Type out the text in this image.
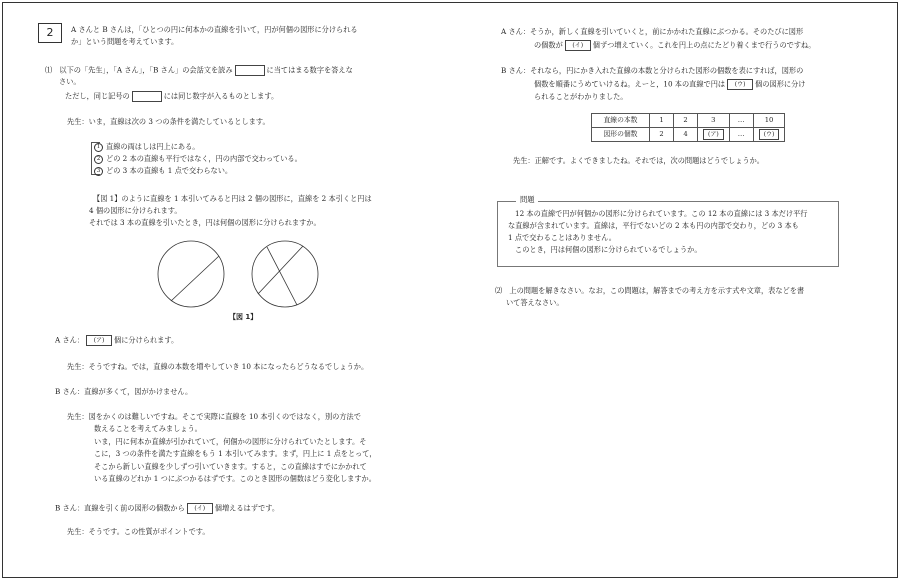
2	A さんと B さんは，「ひとつの円に何本かの直線を引いて，円が何個の図形に分けられる
か」という問題を考えています。
⑴　以下の「先生」，「A さん」，「B さん」の会話文を読み	に当てはまる数字を答えな
さい。
ただし，同じ記号の	には同じ数字が入るものとします。
先生：いま，直線は次の 3 つの条件を満たしているとします。
1 直線の両はしは円上にある。
2 どの 2 本の直線も平行ではなく，円の内部で交わっている。
3 どの 3 本の直線も 1 点で交わらない。
【図 1】のように直線を 1 本引いてみると円は 2 個の図形に，直線を 2 本引くと円は
4 個の図形に分けられます。
それでは 3 本の直線を引いたとき，円は何個の図形に分けられますか。
【図 1】
A さん： (ア) 個に分けられます。
先生：そうですね。では，直線の本数を増やしていき 10 本になったらどうなるでしょうか。
B さん：直線が多くて，図がかけません。
先生：図をかくのは難しいですね。そこで実際に直線を 10 本引くのではなく，別の方法で
数えることを考えてみましょう。
いま，円に何本か直線が引かれていて，何個かの図形に分けられていたとします。そ
こに，3 つの条件を満たす直線をもう 1 本引いてみます。まず，円上に 1 点をとって，
そこから新しい直線を少しずつ引いていきます。すると，この直線はすでにかかれて
いる直線のどれか 1 つにぶつかるはずです。このとき図形の個数はどう変化しますか。
B さん：直線を引く前の図形の個数から (イ) 個増えるはずです。
先生：そうです。この性質がポイントです。
A さん：そうか，新しく直線を引いていくと，前にかかれた直線にぶつかる。そのたびに図形
の個数が (イ) 個ずつ増えていく。これを円上の点にたどり着くまで行うのですね。
B さん：それなら，円にかき入れた直線の本数と分けられた図形の個数を表にすれば，図形の
個数を順番にうめていけるね。えーと，10 本の直線で円は (ウ) 個の図形に分け
られることがわかりました。
直線の本数	1	2	3	…	10
図形の個数	2	4	(ア)	…	(ウ)
先生：正解です。よくできましたね。それでは，次の問題はどうでしょうか。
問題
12 本の直線で円が何個かの図形に分けられています。この 12 本の直線には 3 本だけ平行
な直線が含まれています。直線は，平行でないどの 2 本も円の内部で交わり，どの 3 本も
1 点で交わることはありません。
このとき，円は何個の図形に分けられているでしょうか。
⑵　上の問題を解きなさい。なお，この問題は，解答までの考え方を示す式や文章，表などを書
いて答えなさい。
